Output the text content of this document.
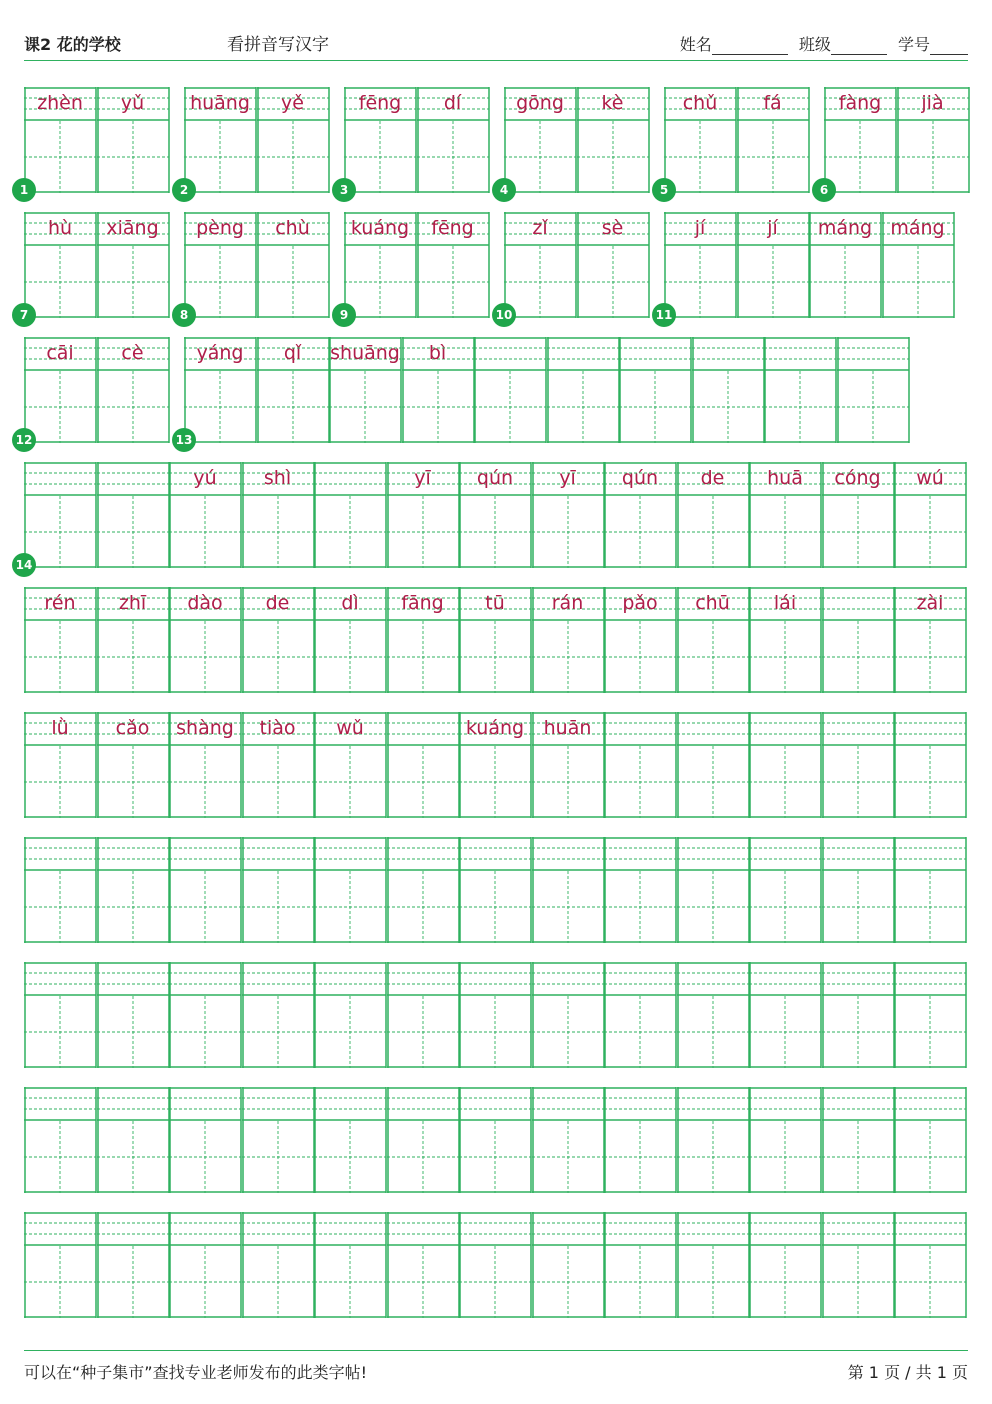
课2 花的学校	看拼音写汉字	姓名	班级	学号
zhèn	yǔ	huāng	yě	fēng	dí	gōng	kè	chǔ	fá	fàng	jià
hù	xiāng	pèng	chù	kuáng	fēng	zǐ	sè	jí	jí	máng máng
cāi	cè	yáng	qǐ	shuāng	bì
1	2	3	4	5	6
7	8	9	10	11
12	13
yú	shì	yī	qún	yī	qún	de	huā	cóng	wú
rén	zhī	dào	de	dì	fāng	tū	rán	pǎo	chū	lái	zài
lǜ	cǎo	shàng	tiào	wǔ	kuáng	huān
14
可以在“种子集市”查找专业老师发布的此类字帖!	第 1 页 / 共 1 页
